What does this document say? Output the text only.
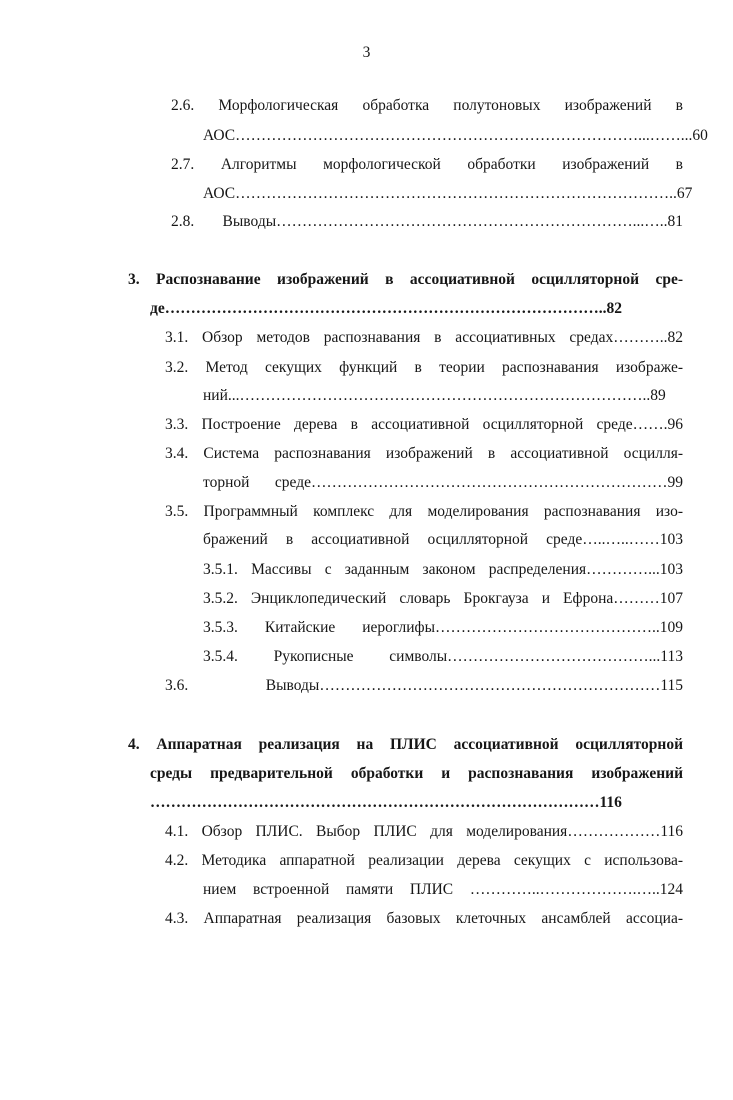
3
2.6. Морфологическая обработка полутоновых изображений в
АОС……………………………………………………………………...……...60
2.7. Алгоритмы морфологической обработки изображений в
АОС…………………………………………………………………………..67
2.8. Выводы……………………………………………………………...…..81
3. Распознавание изображений в ассоциативной осцилляторной сре-
де…………………………………………………………………………..82
3.1. Обзор методов распознавания в ассоциативных средах………..82
3.2. Метод секущих функций в теории распознавания изображе-
ний...……………………………………………………………………..89
3.3. Построение дерева в ассоциативной осцилляторной среде…….96
3.4. Система распознавания изображений в ассоциативной осцилля-
торной среде……………………………………………………………99
3.5. Программный комплекс для моделирования распознавания изо-
бражений в ассоциативной осцилляторной среде…..…..……103
3.5.1. Массивы с заданным законом распределения…………...103
3.5.2. Энциклопедический словарь Брокгауза и Ефрона………107
3.5.3. Китайские иероглифы……………………………………..109
3.5.4. Рукописные символы…………………………………...113
3.6. Выводы…………………………………………………………115
4. Аппаратная реализация на ПЛИС ассоциативной осцилляторной
среды предварительной обработки и распознавания изображений
……………………………………………………………………………116
4.1. Обзор ПЛИС. Выбор ПЛИС для моделирования………………116
4.2. Методика аппаратной реализации дерева секущих с использова-
нием встроенной памяти ПЛИС …………..……………….…..124
4.3. Аппаратная реализация базовых клеточных ансамблей ассоциа-
